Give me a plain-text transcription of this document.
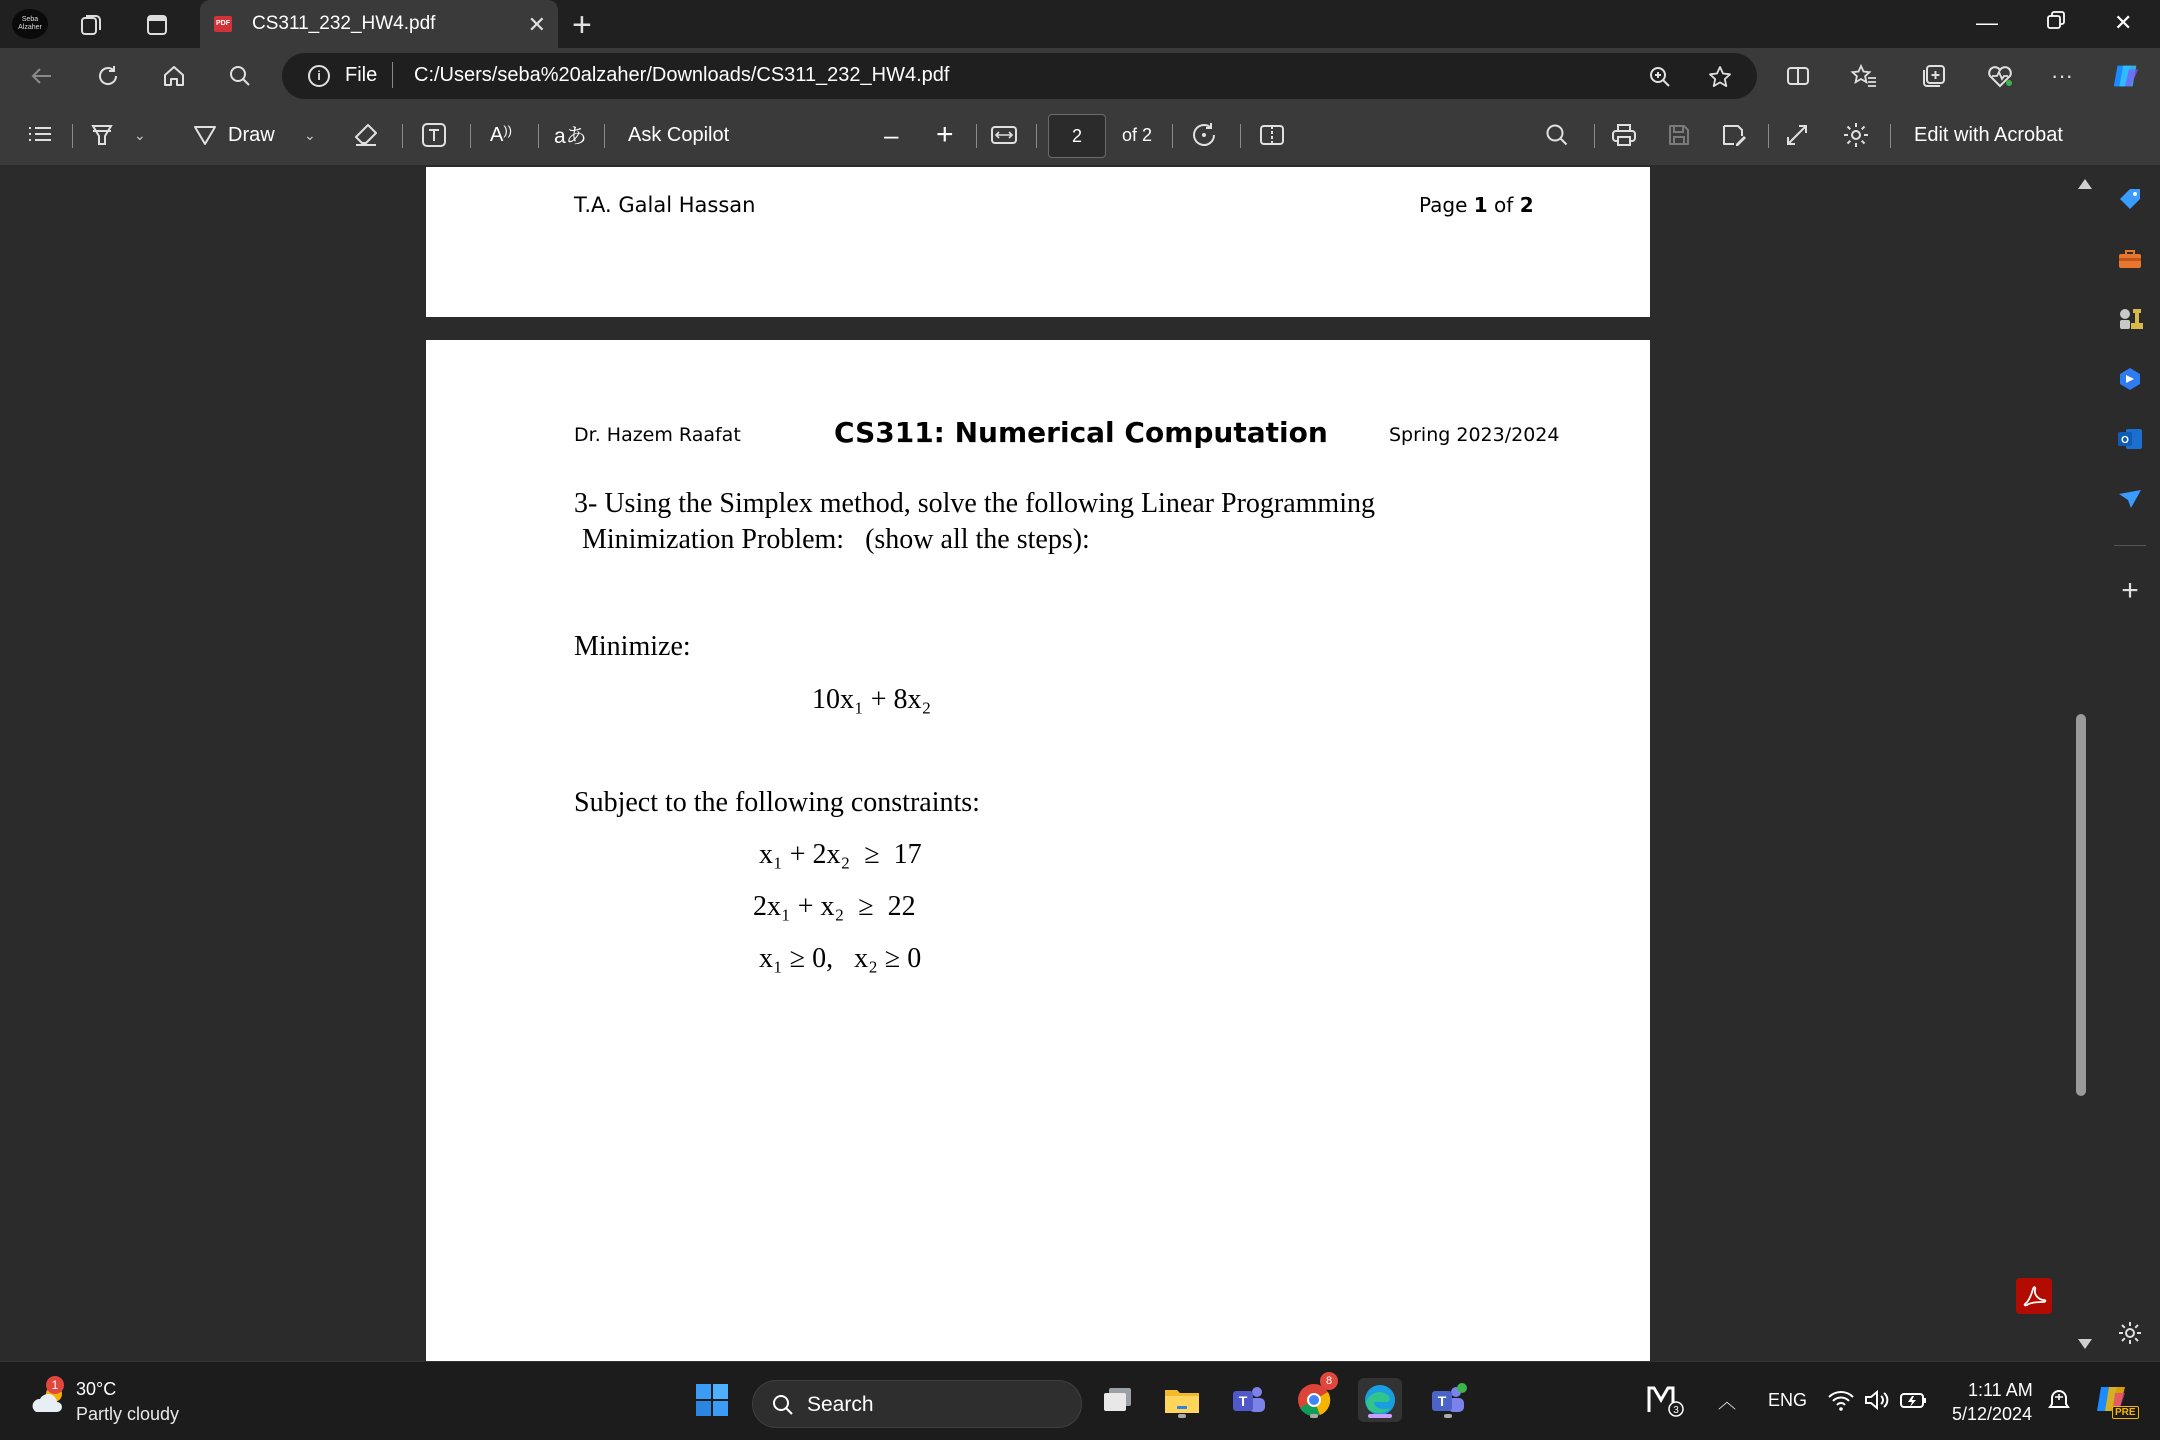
Seba Alzaher
PDF CS311_232_HW4.pdf	✕ +	—	✕
i	File C:/Users/seba%20alzaher/Downloads/CS311_232_HW4.pdf	···
⌄	Draw ⌄	A )) aあ Ask Copilot	– +	2	of 2	Edit with Acrobat
T.A. Galal Hassan	Page 1 of 2
Dr. Hazem Raafat	CS311: Numerical Computation	Spring 2023/2024
3- Using the Simplex method, solve the following Linear Programming
Minimization Problem:   (show all the steps):
Minimize:
10x₁ + 8x₂
Subject to the following constraints:
x₁ + 2x₂  ≥  17
2x₁ + x₂  ≥  22
x₁ ≥ 0,   x₂ ≥ 0
O
+
1 30°C
Partly cloudy	Search	T
8
T
3 ︿ ENG	1:11 AM
5/12/2024	PRE
